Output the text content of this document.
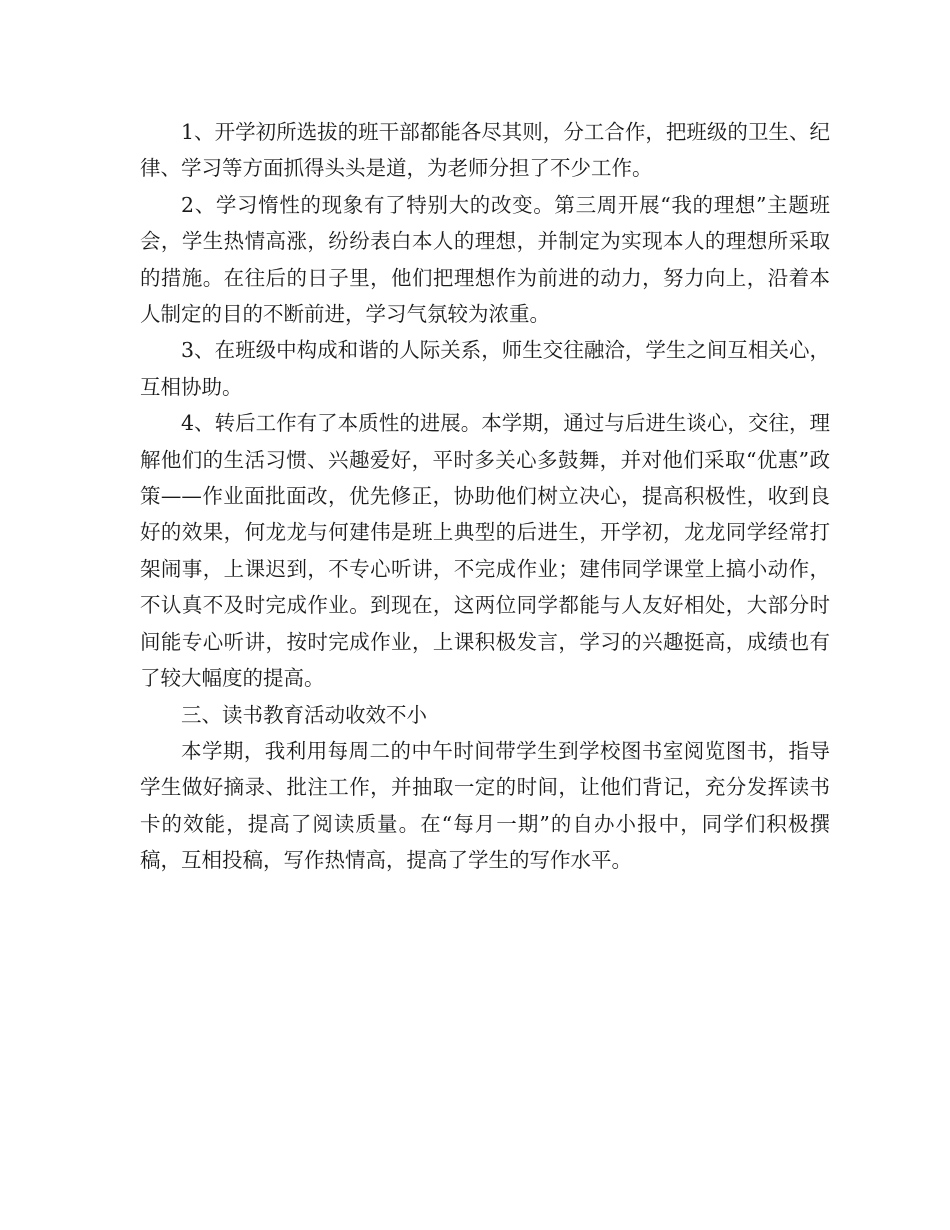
1、开学初所选拔的班干部都能各尽其则，分工合作，把班级的卫生、纪律、学习等方面抓得头头是道，为老师分担了不少工作。

2、学习惰性的现象有了特别大的改变。第三周开展“我的理想”主题班会，学生热情高涨，纷纷表白本人的理想，并制定为实现本人的理想所采取的措施。在往后的日子里，他们把理想作为前进的动力，努力向上，沿着本人制定的目的不断前进，学习气氛较为浓重。

3、在班级中构成和谐的人际关系，师生交往融洽，学生之间互相关心，互相协助。

4、转后工作有了本质性的进展。本学期，通过与后进生谈心，交往，理解他们的生活习惯、兴趣爱好，平时多关心多鼓舞，并对他们采取“优惠”政策——作业面批面改，优先修正，协助他们树立决心，提高积极性，收到良好的效果，何龙龙与何建伟是班上典型的后进生，开学初，龙龙同学经常打架闹事，上课迟到，不专心听讲，不完成作业；建伟同学课堂上搞小动作，不认真不及时完成作业。到现在，这两位同学都能与人友好相处，大部分时间能专心听讲，按时完成作业，上课积极发言，学习的兴趣挺高，成绩也有了较大幅度的提高。

三、读书教育活动收效不小

本学期，我利用每周二的中午时间带学生到学校图书室阅览图书，指导学生做好摘录、批注工作，并抽取一定的时间，让他们背记，充分发挥读书卡的效能，提高了阅读质量。在“每月一期”的自办小报中，同学们积极撰稿，互相投稿，写作热情高，提高了学生的写作水平。
